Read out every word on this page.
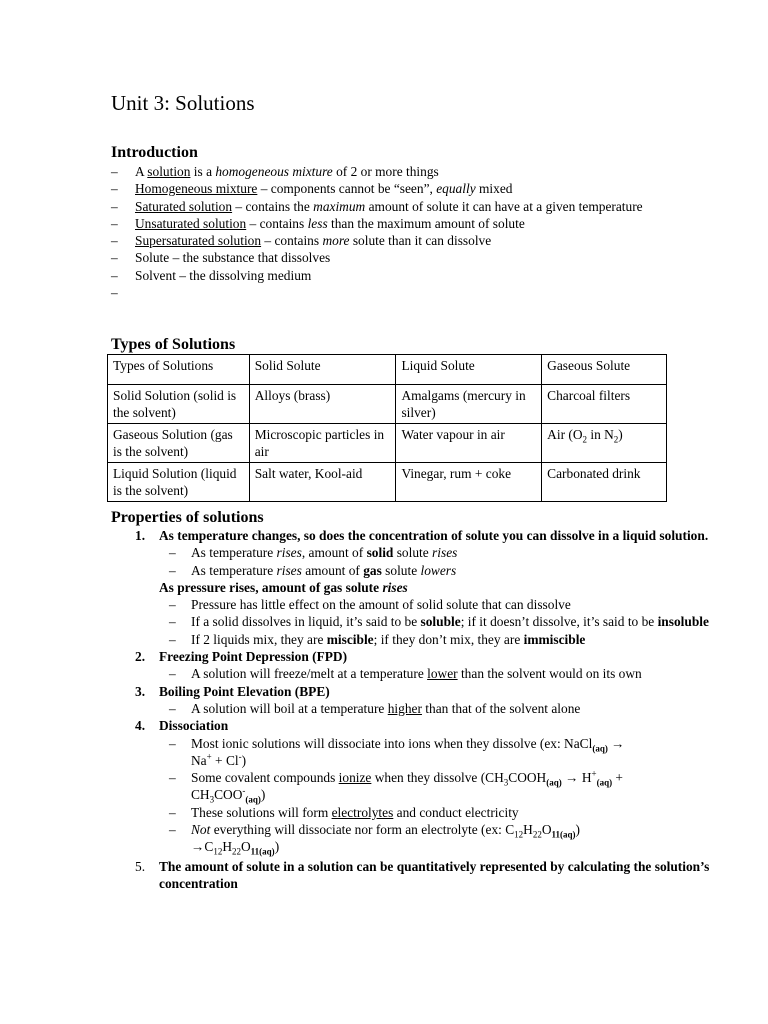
Unit 3: Solutions
Introduction
– A solution is a homogeneous mixture of 2 or more things
– Homogeneous mixture – components cannot be “seen”, equally mixed
– Saturated solution – contains the maximum amount of solute it can have at a given temperature
– Unsaturated solution – contains less than the maximum amount of solute
– Supersaturated solution – contains more solute than it can dissolve
– Solute – the substance that dissolves
– Solvent – the dissolving medium
–

Types of Solutions
Types of Solutions	Solid Solute	Liquid Solute	Gaseous Solute
Solid Solution (solid is the solvent)	Alloys (brass)	Amalgams (mercury in silver)	Charcoal filters
Gaseous Solution (gas is the solvent)	Microscopic particles in air	Water vapour in air	Air ($O_2$ in $N_2$)
Liquid Solution (liquid is the solvent)	Salt water, Kool-aid	Vinegar, rum + coke	Carbonated drink
Properties of solutions
1. As temperature changes, so does the concentration of solute you can dissolve in a liquid solution.
– As temperature rises, amount of solid solute rises
– As temperature rises amount of gas solute lowers
As pressure rises, amount of gas solute rises
– Pressure has little effect on the amount of solid solute that can dissolve
– If a solid dissolves in liquid, it’s said to be soluble; if it doesn’t dissolve, it’s said to be insoluble
– If 2 liquids mix, they are miscible; if they don’t mix, they are immiscible
2. Freezing Point Depression (FPD)
– A solution will freeze/melt at a temperature lower than the solvent would on its own
3. Boiling Point Elevation (BPE)
– A solution will boil at a temperature higher than that of the solvent alone
4. Dissociation
– Most ionic solutions will dissociate into ions when they dissolve (ex: NaCl$_{(aq)}$ →
Na+ + Cl-)
– Some covalent compounds ionize when they dissolve ($CH_3COOH_{(aq)} \to H^+_{(aq)}$ +
$CH_3COO^-_{(aq)}$)
– These solutions will form electrolytes and conduct electricity
– Not everything will dissociate nor form an electrolyte (ex: $C_{12}H_{22}O_{11(aq)}$)
$\to C_{12}H_{22}O_{11(aq)}$)
5. The amount of solute in a solution can be quantitatively represented by calculating the solution’s concentration
